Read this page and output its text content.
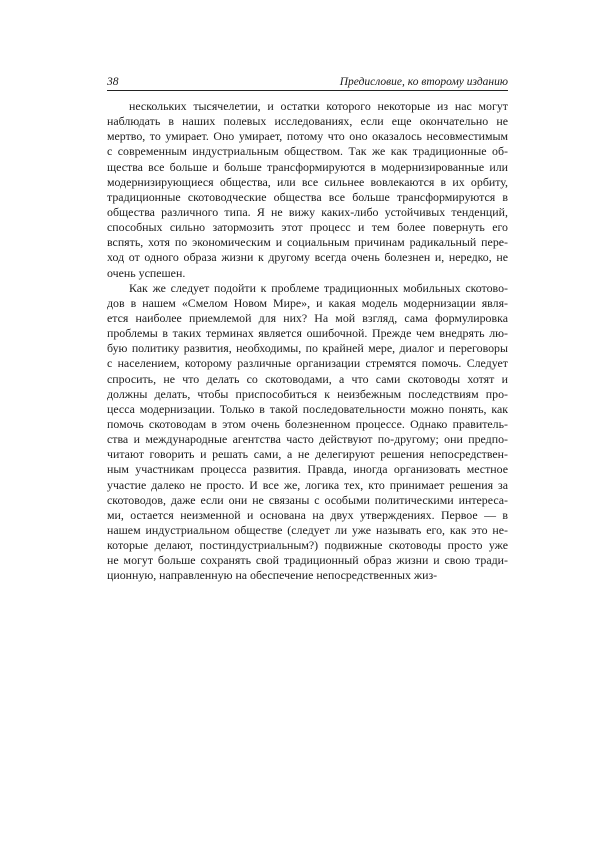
38	Предисловие, ко второму изданию
нескольких тысячелетии, и остатки которого некоторые из нас могут
наблюдать в наших полевых исследованиях, если еще окончательно не
мертво, то умирает. Оно умирает, потому что оно оказалось несовместимым
с современным индустриальным обществом. Так же как традиционные об-
щества все больше и больше трансформируются в модернизированные или
модернизирующиеся общества, или все сильнее вовлекаются в их орбиту,
традиционные скотоводческие общества все больше трансформируются в
общества различного типа. Я не вижу каких-либо устойчивых тенденций,
способных сильно затормозить этот процесс и тем более повернуть его
вспять, хотя по экономическим и социальным причинам радикальный пере-
ход от одного образа жизни к другому всегда очень болезнен и, нередко, не
очень успешен.
Как же следует подойти к проблеме традиционных мобильных скотово-
дов в нашем «Смелом Новом Мире», и какая модель модернизации явля-
ется наиболее приемлемой для них? На мой взгляд, сама формулировка
проблемы в таких терминах является ошибочной. Прежде чем внедрять лю-
бую политику развития, необходимы, по крайней мере, диалог и переговоры
с населением, которому различные организации стремятся помочь. Следует
спросить, не что делать со скотоводами, а что сами скотоводы хотят и
должны делать, чтобы приспособиться к неизбежным последствиям про-
цесса модернизации. Только в такой последовательности можно понять, как
помочь скотоводам в этом очень болезненном процессе. Однако правитель-
ства и международные агентства часто действуют по-другому; они предпо-
читают говорить и решать сами, а не делегируют решения непосредствен-
ным участникам процесса развития. Правда, иногда организовать местное
участие далеко не просто. И все же, логика тех, кто принимает решения за
скотоводов, даже если они не связаны с особыми политическими интереса-
ми, остается неизменной и основана на двух утверждениях. Первое — в
нашем индустриальном обществе (следует ли уже называть его, как это не-
которые делают, постиндустриальным?) подвижные скотоводы просто уже
не могут больше сохранять свой традиционный образ жизни и свою тради-
ционную, направленную на обеспечение непосредственных жиз-
